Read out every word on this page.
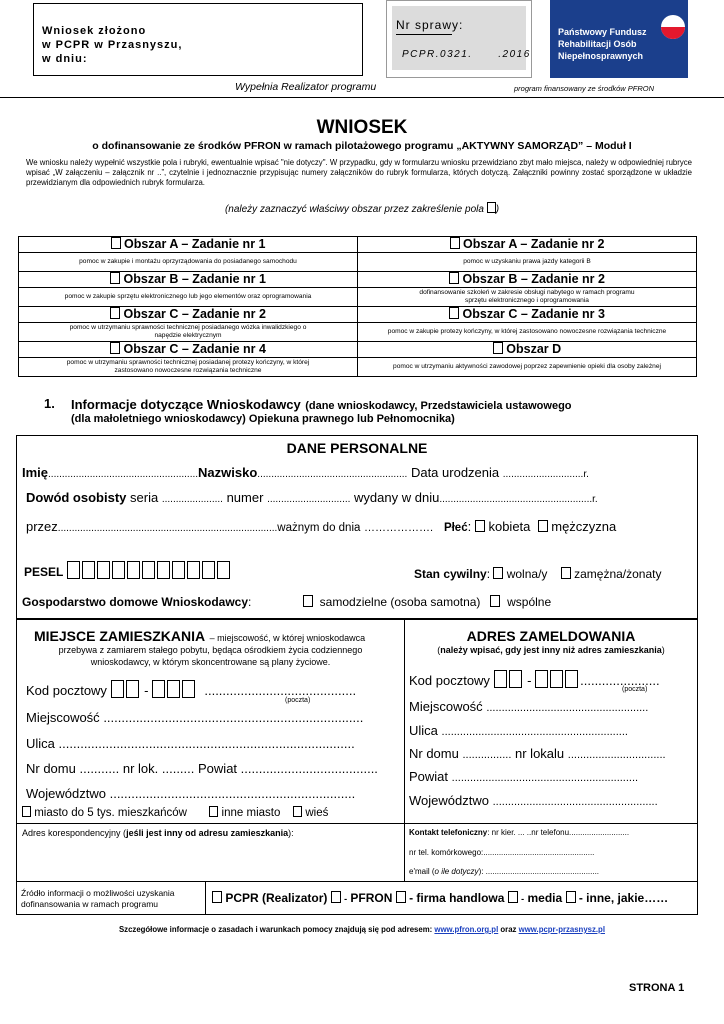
Wniosek złożono
w PCPR w Przasnyszu,
w dniu:
Nr sprawy:
PCPR.0321.      .2016
Państwowy Fundusz
Rehabilitacji Osób
Niepełnosprawnych
Wypełnia Realizator programu	program finansowany ze środków PFRON
WNIOSEK
o dofinansowanie ze środków PFRON w ramach pilotażowego programu „AKTYWNY SAMORZĄD” – Moduł I
We wniosku należy wypełnić wszystkie pola i rubryki, ewentualnie wpisać "nie dotyczy". W przypadku, gdy w formularzu wniosku przewidziano zbyt mało miejsca, należy w odpowiedniej rubryce wpisać „W załączeniu – załącznik nr ..”, czytelnie i jednoznacznie przypisując numery załączników do rubryk formularza, których dotyczą. Załączniki powinny zostać sporządzone w układzie przewidzianym dla odpowiednich rubryk formularza.
(należy zaznaczyć właściwy obszar przez zakreślenie pola )
Obszar A – Zadanie nr 1	Obszar A – Zadanie nr 2
pomoc w zakupie i montażu oprzyrządowania do posiadanego samochodu	pomoc w uzyskaniu prawa jazdy kategorii B
Obszar B – Zadanie nr 1	Obszar B – Zadanie nr 2
pomoc w zakupie sprzętu elektronicznego lub jego elementów oraz oprogramowania	dofinansowanie szkoleń w zakresie obsługi nabytego w ramach programu sprzętu elektronicznego i oprogramowania
Obszar C – Zadanie nr 2	Obszar C – Zadanie nr 3
pomoc w utrzymaniu sprawności technicznej posiadanego wózka inwalidzkiego o napędzie elektrycznym	pomoc w zakupie protezy kończyny, w której zastosowano nowoczesne rozwiązania techniczne
Obszar C – Zadanie nr 4	Obszar D
pomoc w utrzymaniu sprawności technicznej posiadanej protezy kończyny, w której zastosowano nowoczesne rozwiązania techniczne	pomoc w utrzymaniu aktywności zawodowej poprzez zapewnienie opieki dla osoby zależnej
1. Informacje dotyczące Wnioskodawcy (dane wnioskodawcy, Przedstawiciela ustawowego
(dla małoletniego wnioskodawcy) Opiekuna prawnego lub Pełnomocnika)
DANE PERSONALNE
Imię......................................................Nazwisko...................................................... Data urodzenia .............................r.
Dowód osobisty seria ...................... numer .............................. wydany w dniu.......................................................r.
przez...............................................................................ważnym do dnia ………………. Płeć:  kobieta mężczyzna
PESEL	Stan cywilny:  wolna/y zamężna/żonaty
Gospodarstwo domowe Wnioskodawcy:	samodzielne (osoba samotna) wspólne
MIEJSCE ZAMIESZKANIA – miejscowość, w której wnioskodawca
przebywa z zamiarem stałego pobytu, będąca ośrodkiem życia codziennego
wnioskodawcy, w którym skoncentrowane są plany życiowe.
Kod pocztowy	-	..........................................
(poczta)
Miejscowość ........................................................................
Ulica ..................................................................................
Nr domu ........... nr lok. ......... Powiat ......................................
Województwo ....................................................................
miasto do 5 tys. mieszkańców	inne miasto wieś
ADRES ZAMELDOWANIA
(należy wpisać, gdy jest inny niż adres zamieszkania)
Kod pocztowy	-	......................
(poczta)
Miejscowość .....................................................
Ulica .............................................................
Nr domu ................ nr lokalu ................................
Powiat .............................................................
Województwo ......................................................
Adres korespondencyjny (jeśli jest inny od adresu zamieszkania):	Kontakt telefoniczny: nr kier. ... ..nr telefonu...........................
nr tel. komórkowego:..................................................
e'mail (o ile dotyczy): ...................................................
Źródło informacji o możliwości uzyskania dofinansowania w ramach programu	PCPR (Realizator) - PFRON  - firma handlowa - media  - inne, jakie……
Szczegółowe informacje o zasadach i warunkach pomocy znajdują się pod adresem: www.pfron.org.pl oraz www.pcpr-przasnysz.pl
STRONA 1
